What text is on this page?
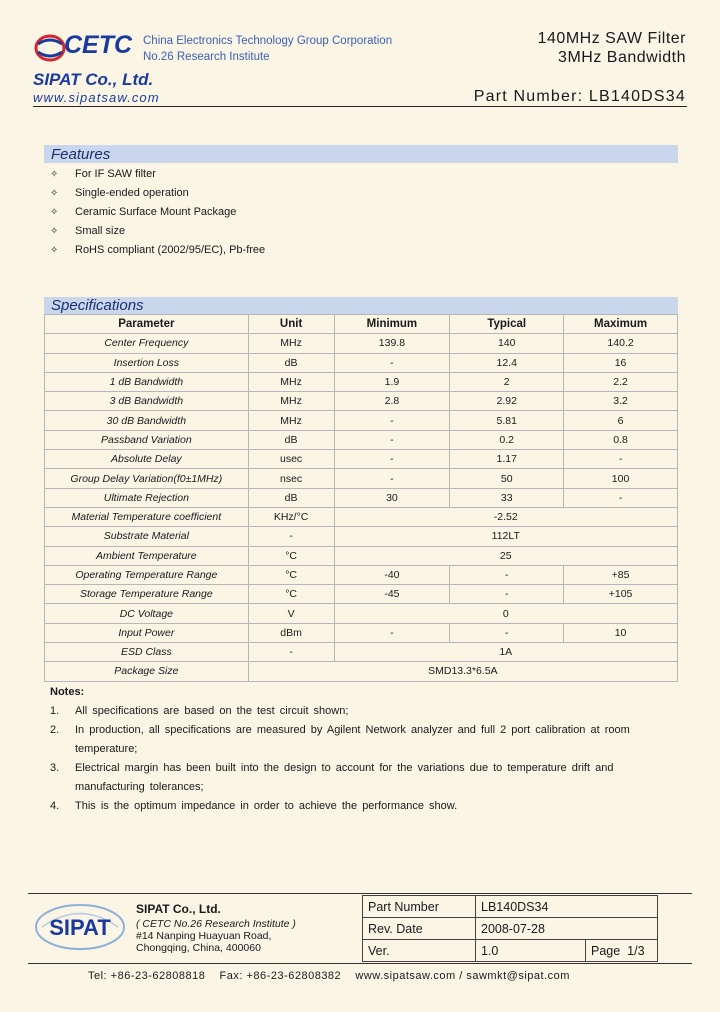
CETC China Electronics Technology Group Corporation
No.26 Research Institute
SIPAT Co., Ltd.
www.sipatsaw.com
140MHz SAW Filter
3MHz Bandwidth
Part Number: LB140DS34
Features
✧ For IF SAW filter
✧ Single-ended operation
✧ Ceramic Surface Mount Package
✧ Small size
✧ RoHS compliant (2002/95/EC), Pb-free
Specifications
Parameter	Unit	Minimum	Typical	Maximum
Center Frequency	MHz	139.8	140	140.2
Insertion Loss	dB	-	12.4	16
1 dB Bandwidth	MHz	1.9	2	2.2
3 dB Bandwidth	MHz	2.8	2.92	3.2
30 dB Bandwidth	MHz	-	5.81	6
Passband Variation	dB	-	0.2	0.8
Absolute Delay	usec	-	1.17	-
Group Delay Variation(f0±1MHz)	nsec	-	50	100
Ultimate Rejection	dB	30	33	-
Material Temperature coefficient	KHz/°C	-2.52		
Substrate Material	-	112LT		
Ambient Temperature	°C	25		
Operating Temperature Range	°C	-40	-	+85
Storage Temperature Range	°C	-45	-	+105
DC Voltage	V	0		
Input Power	dBm	-	-	10
ESD Class	-	1A		
Package Size	SMD13.3*6.5A			
Notes:
1. All specifications are based on the test circuit shown;
2. In production, all specifications are measured by Agilent Network analyzer and full 2 port calibration at room temperature;
3. Electrical margin has been built into the design to account for the variations due to temperature drift and manufacturing tolerances;
4. This is the optimum impedance in order to achieve the performance show.
SIPAT
SIPAT Co., Ltd.
( CETC No.26 Research Institute )
#14 Nanping Huayuan Road,
Chongqing, China, 400060
Part Number	LB140DS34	
Rev. Date	2008-07-28	
Ver.	1.0	Page 1/3
Tel: +86-23-62808818    Fax: +86-23-62808382    www.sipatsaw.com / sawmkt@sipat.com
